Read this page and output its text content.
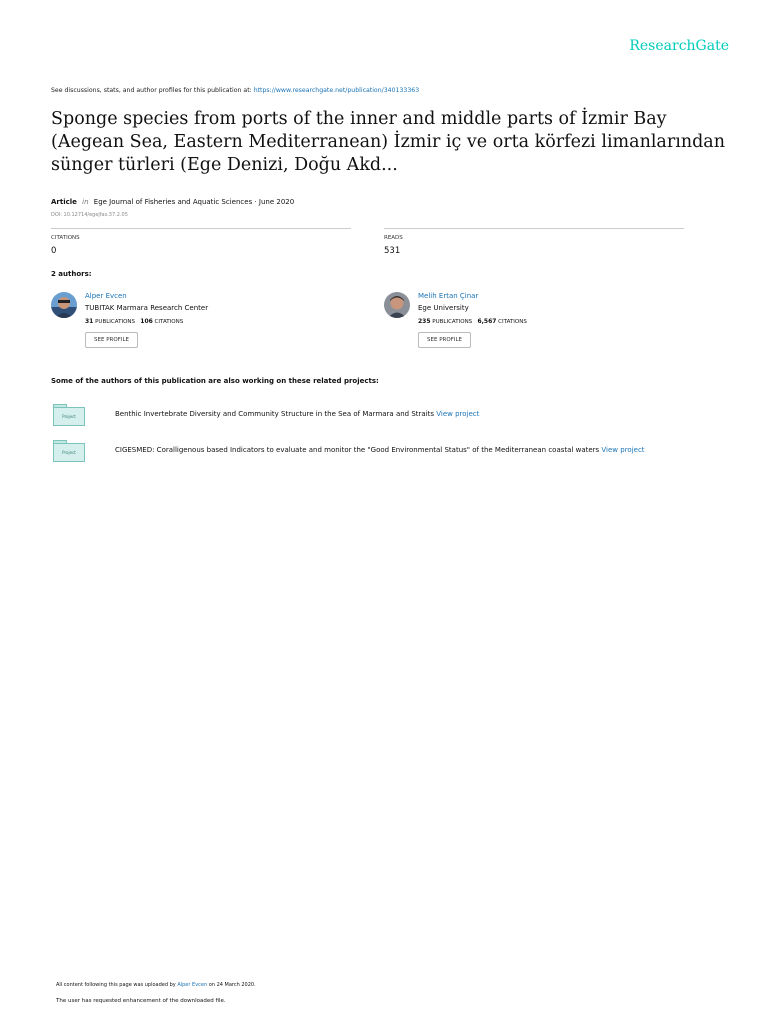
ResearchGate
See discussions, stats, and author profiles for this publication at: https://www.researchgate.net/publication/340133363
Sponge species from ports of the inner and middle parts of İzmir Bay (Aegean Sea, Eastern Mediterranean) İzmir iç ve orta körfezi limanlarından sünger türleri (Ege Denizi, Doğu Akd...
Article in Ege Journal of Fisheries and Aquatic Sciences · June 2020
DOI: 10.12714/egejfas.37.2.05
CITATIONS
0
READS
531
2 authors:
Alper Evcen
TUBITAK Marmara Research Center
31 PUBLICATIONS 106 CITATIONS
SEE PROFILE
Melih Ertan Çinar
Ege University
235 PUBLICATIONS 6,567 CITATIONS
SEE PROFILE
Some of the authors of this publication are also working on these related projects:
Project	Benthic Invertebrate Diversity and Community Structure in the Sea of Marmara and Straits View project
Project	CIGESMED: Coralligenous based Indicators to evaluate and monitor the "Good Environmental Status" of the Mediterranean coastal waters View project
All content following this page was uploaded by Alper Evcen on 24 March 2020.
The user has requested enhancement of the downloaded file.
